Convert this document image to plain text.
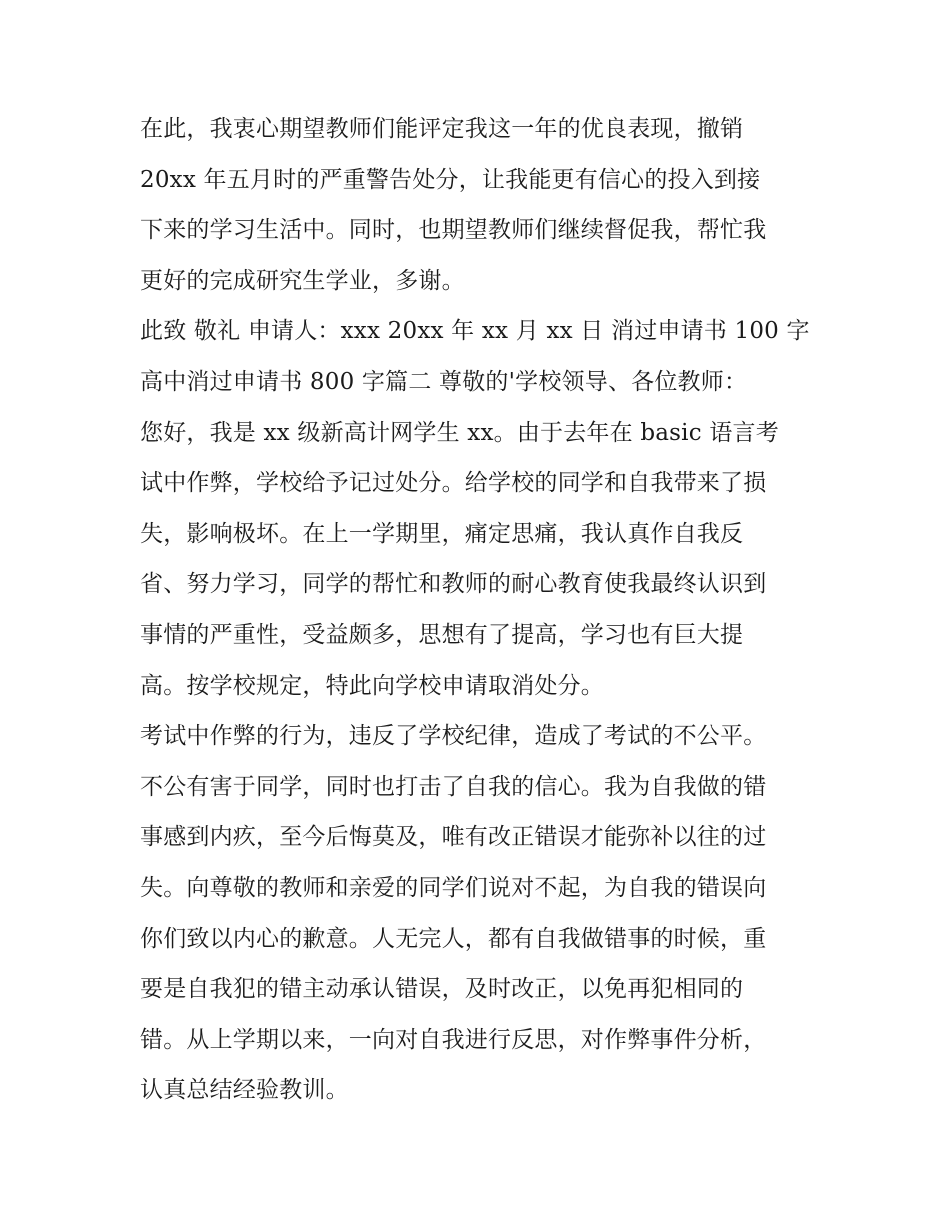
在此，我衷心期望教师们能评定我这一年的优良表现，撤销
20xx 年五月时的严重警告处分，让我能更有信心的投入到接
下来的学习生活中。同时，也期望教师们继续督促我，帮忙我
更好的完成研究生学业，多谢。
此致 敬礼 申请人：xxx 20xx 年 xx 月 xx 日 消过申请书 100 字
高中消过申请书 800 字篇二 尊敬的'学校领导、各位教师：
您好，我是 xx 级新高计网学生 xx。由于去年在 basic 语言考
试中作弊，学校给予记过处分。给学校的同学和自我带来了损
失，影响极坏。在上一学期里，痛定思痛，我认真作自我反
省、努力学习，同学的帮忙和教师的耐心教育使我最终认识到
事情的严重性，受益颇多，思想有了提高，学习也有巨大提
高。按学校规定，特此向学校申请取消处分。
考试中作弊的行为，违反了学校纪律，造成了考试的不公平。
不公有害于同学，同时也打击了自我的信心。我为自我做的错
事感到内疚，至今后悔莫及，唯有改正错误才能弥补以往的过
失。向尊敬的教师和亲爱的同学们说对不起，为自我的错误向
你们致以内心的歉意。人无完人，都有自我做错事的时候，重
要是自我犯的错主动承认错误，及时改正，以免再犯相同的
错。从上学期以来，一向对自我进行反思，对作弊事件分析，
认真总结经验教训。
